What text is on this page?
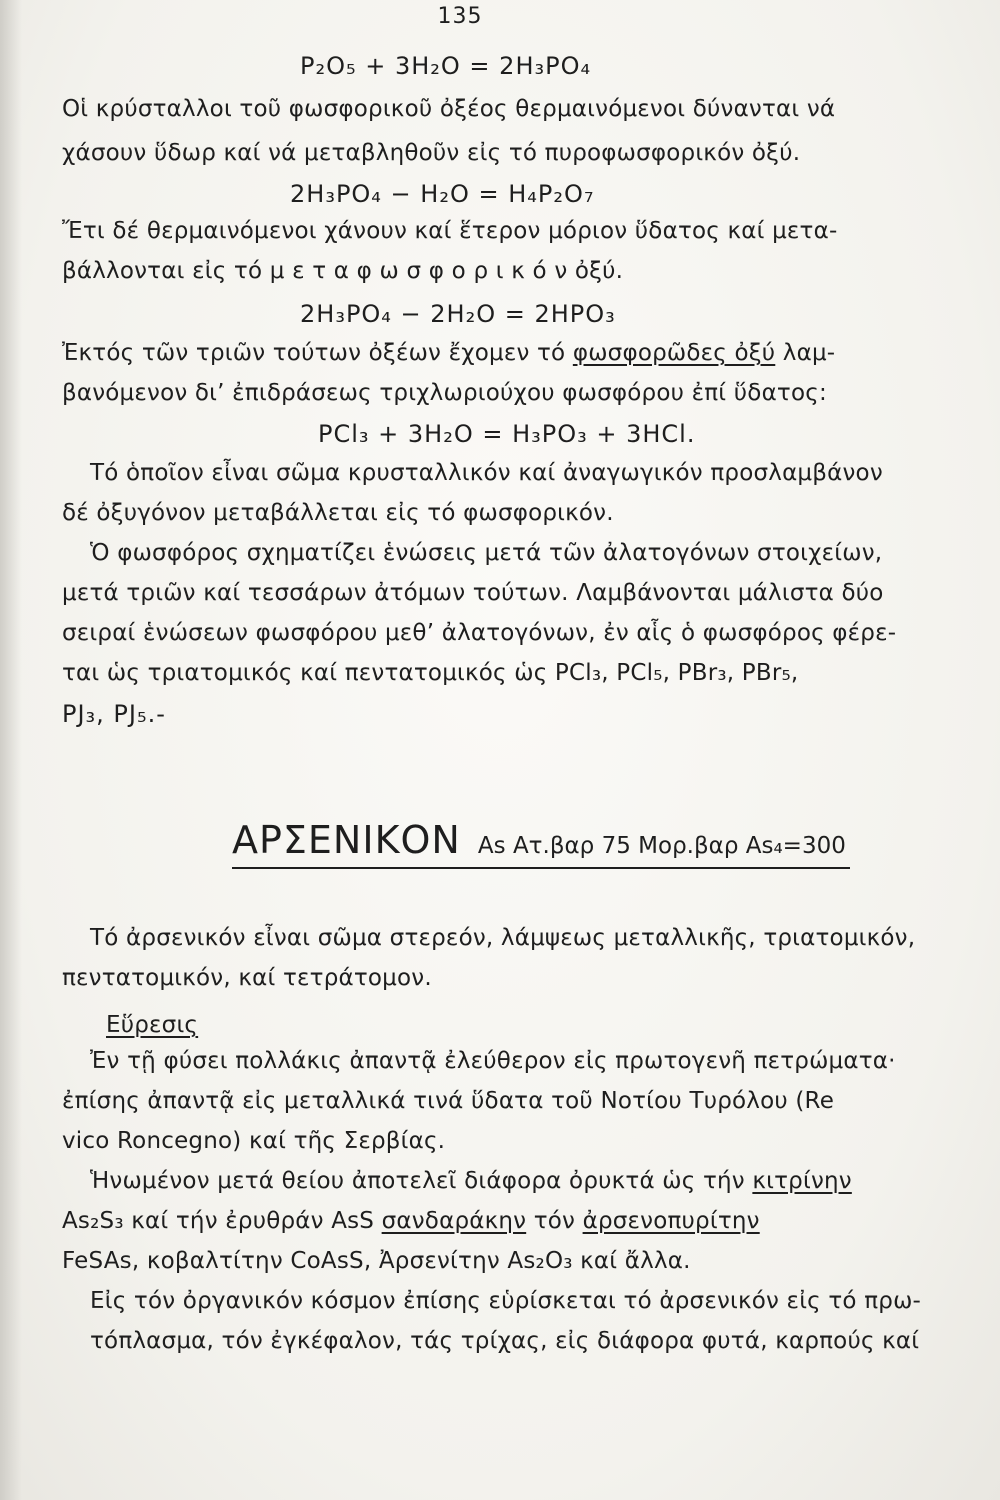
135
P₂O₅ + 3H₂O = 2H₃PO₄
Οἱ κρύσταλλοι τοῦ φωσφορικοῦ ὀξέος θερμαινόμενοι δύνανται νά
χάσουν ὕδωρ καί νά μεταβληθοῦν εἰς τό πυροφωσφορικόν ὀξύ.
2H₃PO₄ − H₂O = H₄P₂O₇
Ἔτι δέ θερμαινόμενοι χάνουν καί ἕτερον μόριον ὕδατος καί μετα-
βάλλονται εἰς τό μ ε τ α φ ω σ φ ο ρ ι κ ό ν ὀξύ.
2H₃PO₄ − 2H₂O = 2HPO₃
Ἐκτός τῶν τριῶν τούτων ὀξέων ἔχομεν τό φωσφορῶδες ὀξύ λαμ-
βανόμενον δι’ ἐπιδράσεως τριχλωριούχου φωσφόρου ἐπί ὕδατος:
PCl₃ + 3H₂O = H₃PO₃ + 3HCl.
Τό ὁποῖον εἶναι σῶμα κρυσταλλικόν καί ἀναγωγικόν προσλαμβάνον
δέ ὀξυγόνον μεταβάλλεται εἰς τό φωσφορικόν.
Ὁ φωσφόρος σχηματίζει ἑνώσεις μετά τῶν ἀλατογόνων στοιχείων,
μετά τριῶν καί τεσσάρων ἀτόμων τούτων. Λαμβάνονται μάλιστα δύο
σειραί ἑνώσεων φωσφόρου μεθ’ ἀλατογόνων, ἐν αἷς ὁ φωσφόρος φέρε-
ται ὡς τριατομικός καί πεντατομικός ὡς PCl₃, PCl₅, PBr₃, PBr₅,
PJ₃, PJ₅.-
ΑΡΣΕΝΙΚΟΝ As Ατ.βαρ 75 Μορ.βαρ As₄=300
Τό ἀρσενικόν εἶναι σῶμα στερεόν, λάμψεως μεταλλικῆς, τριατομικόν,
πεντατομικόν, καί τετράτομον.
Εὕρεσις
Ἐν τῇ φύσει πολλάκις ἀπαντᾷ ἐλεύθερον εἰς πρωτογενῆ πετρώματα·
ἐπίσης ἀπαντᾷ εἰς μεταλλικά τινά ὕδατα τοῦ Νοτίου Τυρόλου (Re
vico Roncegno) καί τῆς Σερβίας.
Ἡνωμένον μετά θείου ἀποτελεῖ διάφορα ὀρυκτά ὡς τήν κιτρίνην
As₂S₃ καί τήν ἐρυθράν AsS σανδαράκην τόν ἀρσενοπυρίτην
FeSAs, κοβαλτίτην CoAsS, Ἀρσενίτην As₂O₃ καί ἄλλα.
Εἰς τόν ὀργανικόν κόσμον ἐπίσης εὑρίσκεται τό ἀρσενικόν εἰς τό πρω-
τόπλασμα, τόν ἐγκέφαλον, τάς τρίχας, εἰς διάφορα φυτά, καρπούς καί
